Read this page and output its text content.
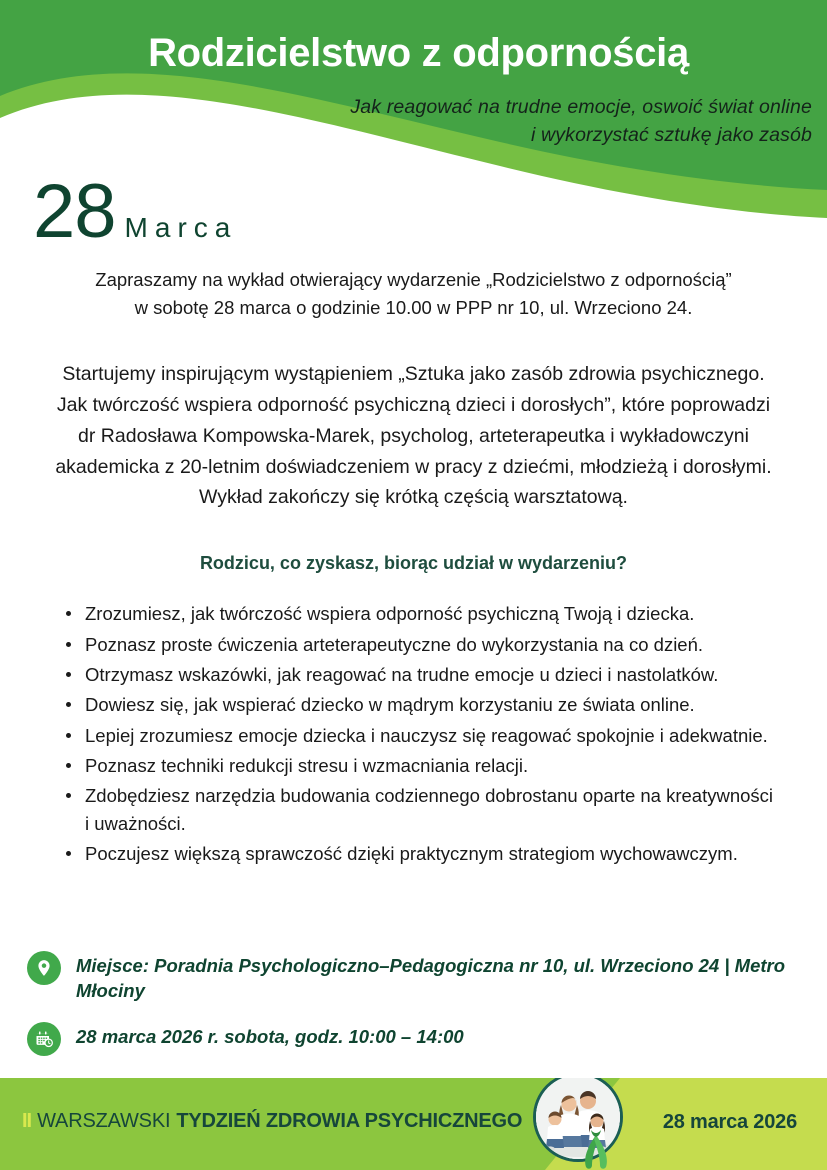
Rodzicielstwo z odpornością
Jak reagować na trudne emocje, oswoić świat online
i wykorzystać sztukę jako zasób
28 Marca
Zapraszamy na wykład otwierający wydarzenie „Rodzicielstwo z odpornością”
w sobotę 28 marca o godzinie 10.00 w PPP nr 10, ul. Wrzeciono 24.

Startujemy inspirującym wystąpieniem „Sztuka jako zasób zdrowia psychicznego. Jak twórczość wspiera odporność psychiczną dzieci i dorosłych”, które poprowadzi dr Radosława Kompowska-Marek, psycholog, arteterapeutka i wykładowczyni akademicka z 20-letnim doświadczeniem w pracy z dziećmi, młodzieżą i dorosłymi. Wykład zakończy się krótką częścią warsztatową.

Rodzicu, co zyskasz, biorąc udział w wydarzeniu?
Zrozumiesz, jak twórczość wspiera odporność psychiczną Twoją i dziecka.
Poznasz proste ćwiczenia arteterapeutyczne do wykorzystania na co dzień.
Otrzymasz wskazówki, jak reagować na trudne emocje u dzieci i nastolatków.
Dowiesz się, jak wspierać dziecko w mądrym korzystaniu ze świata online.
Lepiej zrozumiesz emocje dziecka i nauczysz się reagować spokojnie i adekwatnie.
Poznasz techniki redukcji stresu i wzmacniania relacji.
Zdobędziesz narzędzia budowania codziennego dobrostanu oparte na kreatywności i uważności.
Poczujesz większą sprawczość dzięki praktycznym strategiom wychowawczym.
Miejsce: Poradnia Psychologiczno–Pedagogiczna nr 10, ul. Wrzeciono 24 | Metro Młociny
28 marca 2026 r. sobota, godz. 10:00 – 14:00
II WARSZAWSKI TYDZIEŃ ZDROWIA PSYCHICZNEGO	28 marca 2026
